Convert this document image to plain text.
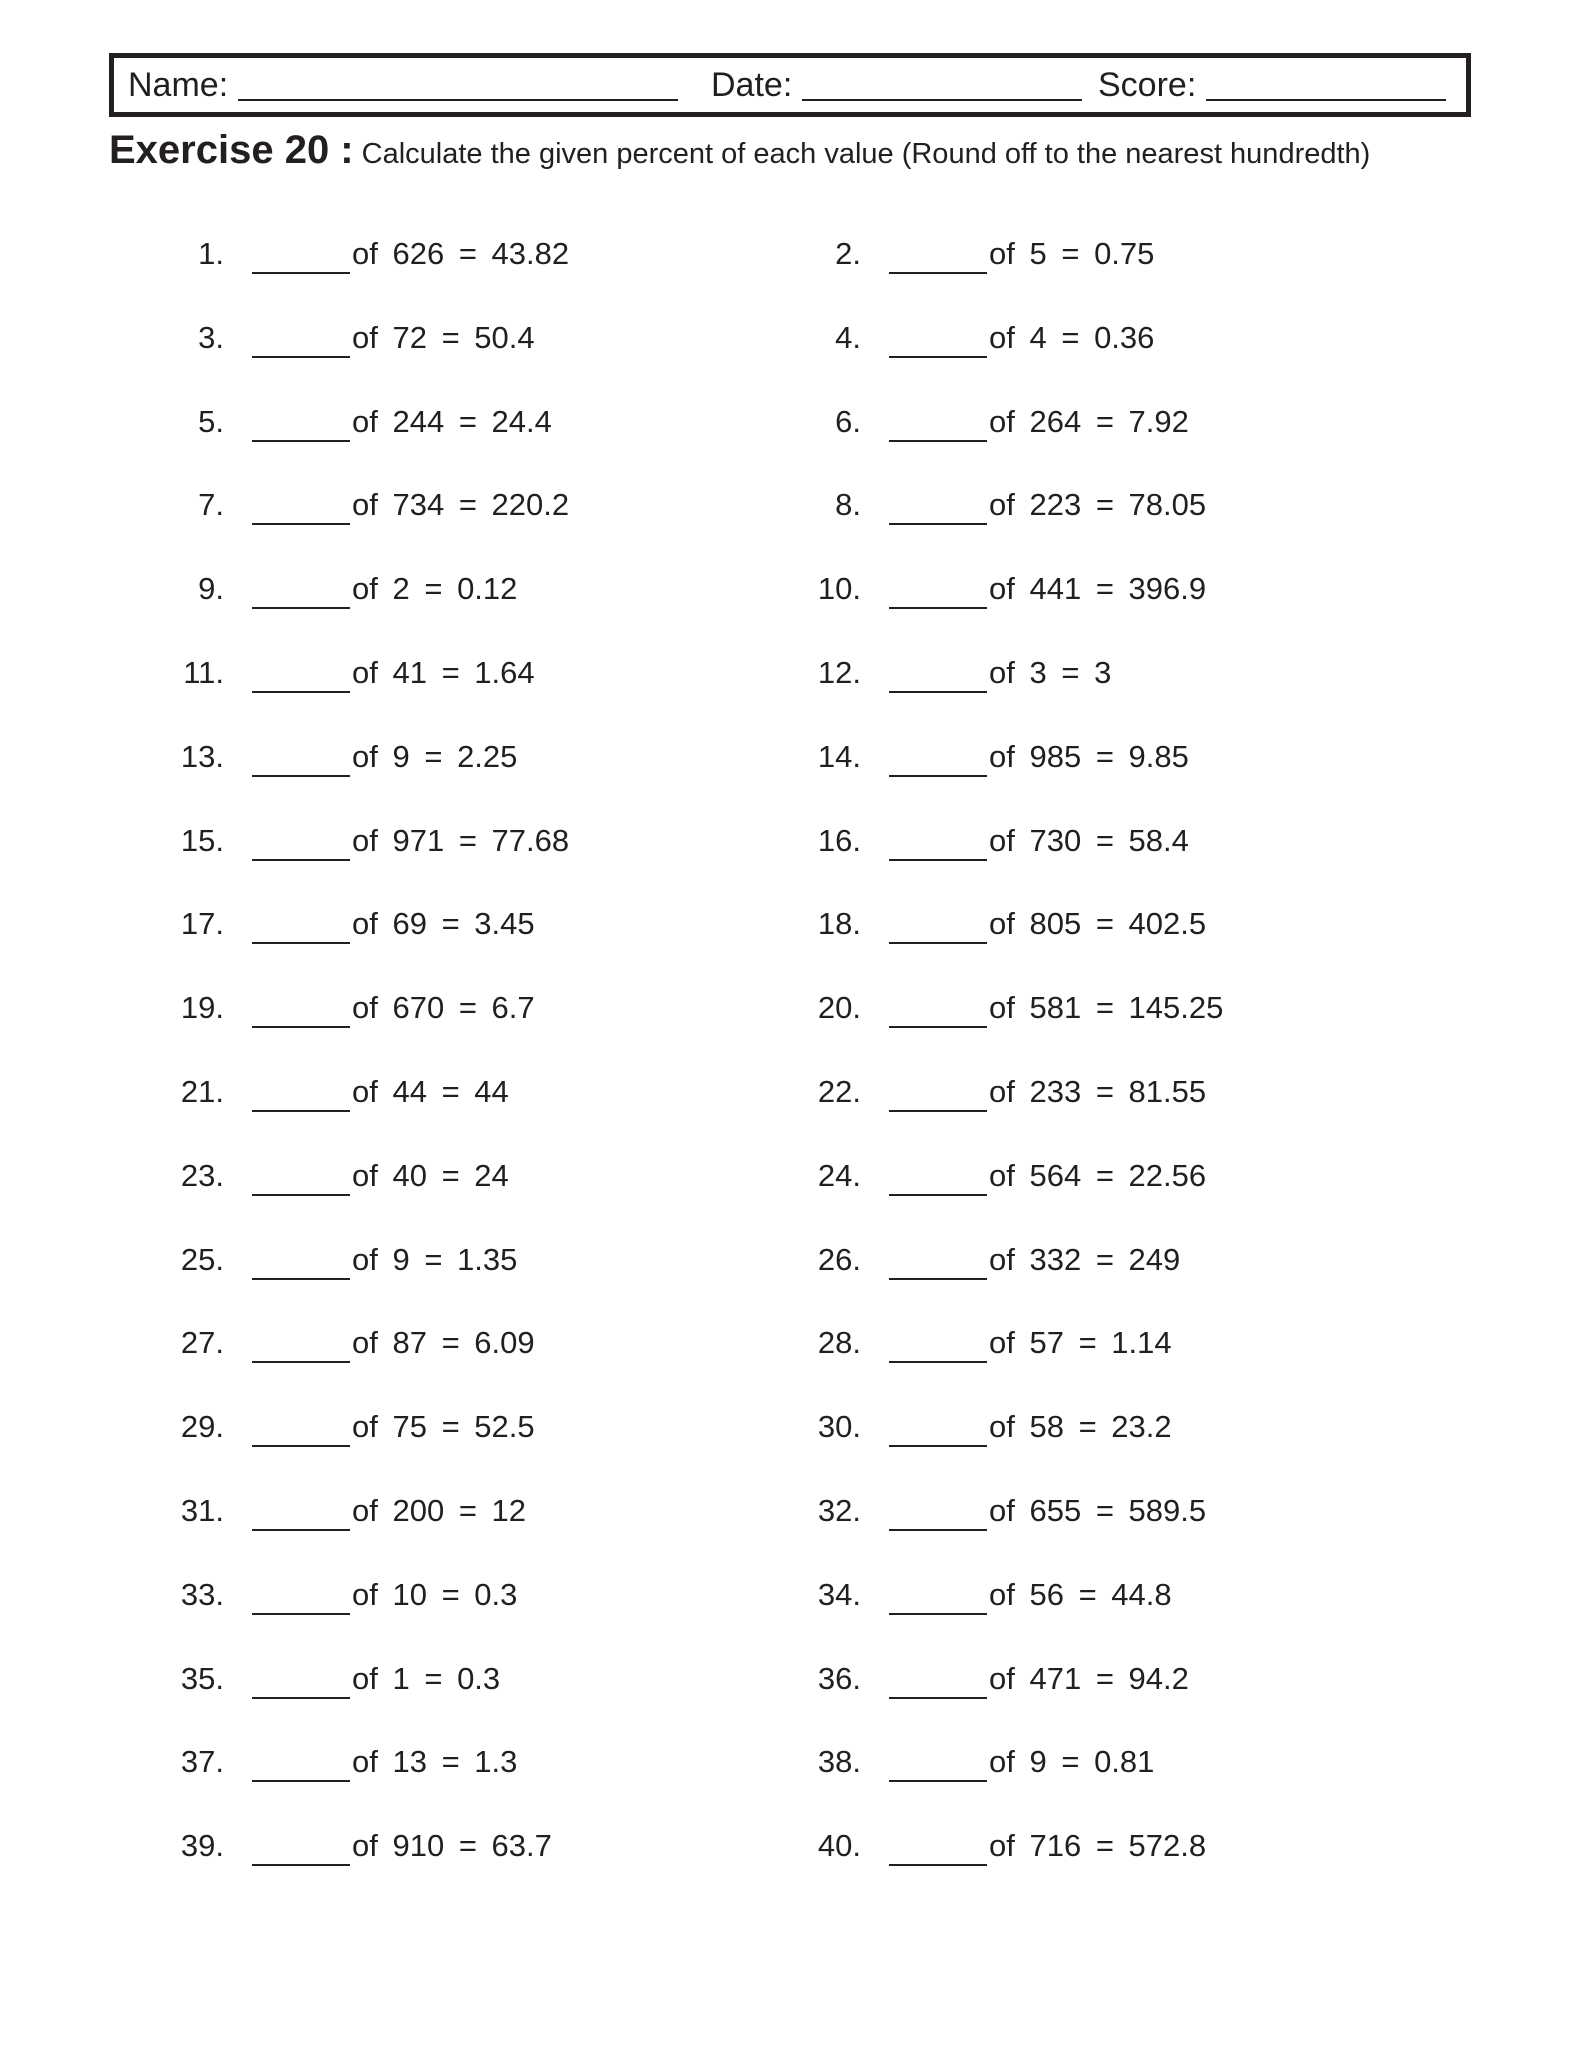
Name:	Date:	Score:
Exercise 20 : Calculate the given percent of each value (Round off to the nearest hundredth)
1.	of 626 = 43.82	2.	of 5 = 0.75
3.	of 72 = 50.4	4.	of 4 = 0.36
5.	of 244 = 24.4	6.	of 264 = 7.92
7.	of 734 = 220.2	8.	of 223 = 78.05
9.	of 2 = 0.12	10.	of 441 = 396.9
11.	of 41 = 1.64	12.	of 3 = 3
13.	of 9 = 2.25	14.	of 985 = 9.85
15.	of 971 = 77.68	16.	of 730 = 58.4
17.	of 69 = 3.45	18.	of 805 = 402.5
19.	of 670 = 6.7	20.	of 581 = 145.25
21.	of 44 = 44	22.	of 233 = 81.55
23.	of 40 = 24	24.	of 564 = 22.56
25.	of 9 = 1.35	26.	of 332 = 249
27.	of 87 = 6.09	28.	of 57 = 1.14
29.	of 75 = 52.5	30.	of 58 = 23.2
31.	of 200 = 12	32.	of 655 = 589.5
33.	of 10 = 0.3	34.	of 56 = 44.8
35.	of 1 = 0.3	36.	of 471 = 94.2
37.	of 13 = 1.3	38.	of 9 = 0.81
39.	of 910 = 63.7	40.	of 716 = 572.8
